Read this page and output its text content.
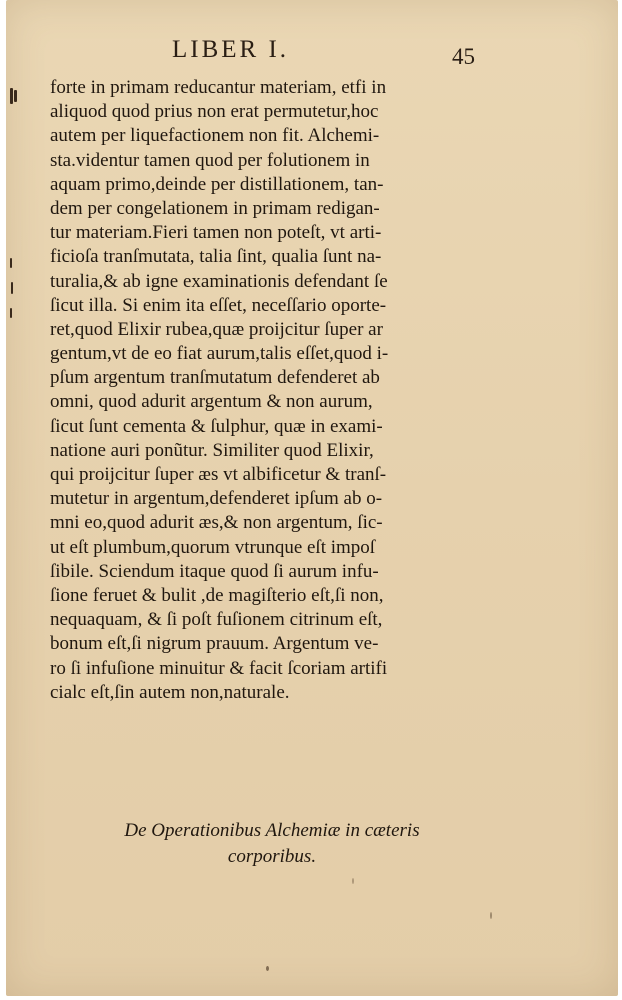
LIBER I.	45
forte in primam reducantur materiam, etfi in
aliquod quod prius non erat permutetur,hoc
autem per liquefactionem non fit. Alchemi-
sta.videntur tamen quod per folutionem in
aquam primo,deinde per distillationem, tan-
dem per congelationem in primam redigan-
tur materiam.Fieri tamen non poteſt, vt arti-
ficioſa tranſmutata, talia ſint, qualia ſunt na-
turalia,& ab igne examinationis defendant ſe
ſicut illa. Si enim ita eſſet, neceſſario oporte-
ret,quod Elixir rubea,quæ proijcitur ſuper ar
gentum,vt de eo fiat aurum,talis eſſet,quod i-
pſum argentum tranſmutatum defenderet ab
omni, quod adurit argentum & non aurum,
ſicut ſunt cementa & ſulphur, quæ in exami-
natione auri ponũtur. Similiter quod Elixir,
qui proijcitur ſuper æs vt albificetur & tranſ-
mutetur in argentum,defenderet ipſum ab o-
mni eo,quod adurit æs,& non argentum, ſic-
ut eſt plumbum,quorum vtrunque eſt impoſ
ſibile. Sciendum itaque quod ſi aurum infu-
ſione feruet & bulit ,de magiſterio eſt,ſi non,
nequaquam, & ſi poſt fuſionem citrinum eſt,
bonum eſt,ſi nigrum prauum. Argentum ve-
ro ſi infuſione minuitur & facit ſcoriam artifi
cialc eſt,ſin autem non,naturale.
De Operationibus Alchemiæ in cæteris
corporibus.
